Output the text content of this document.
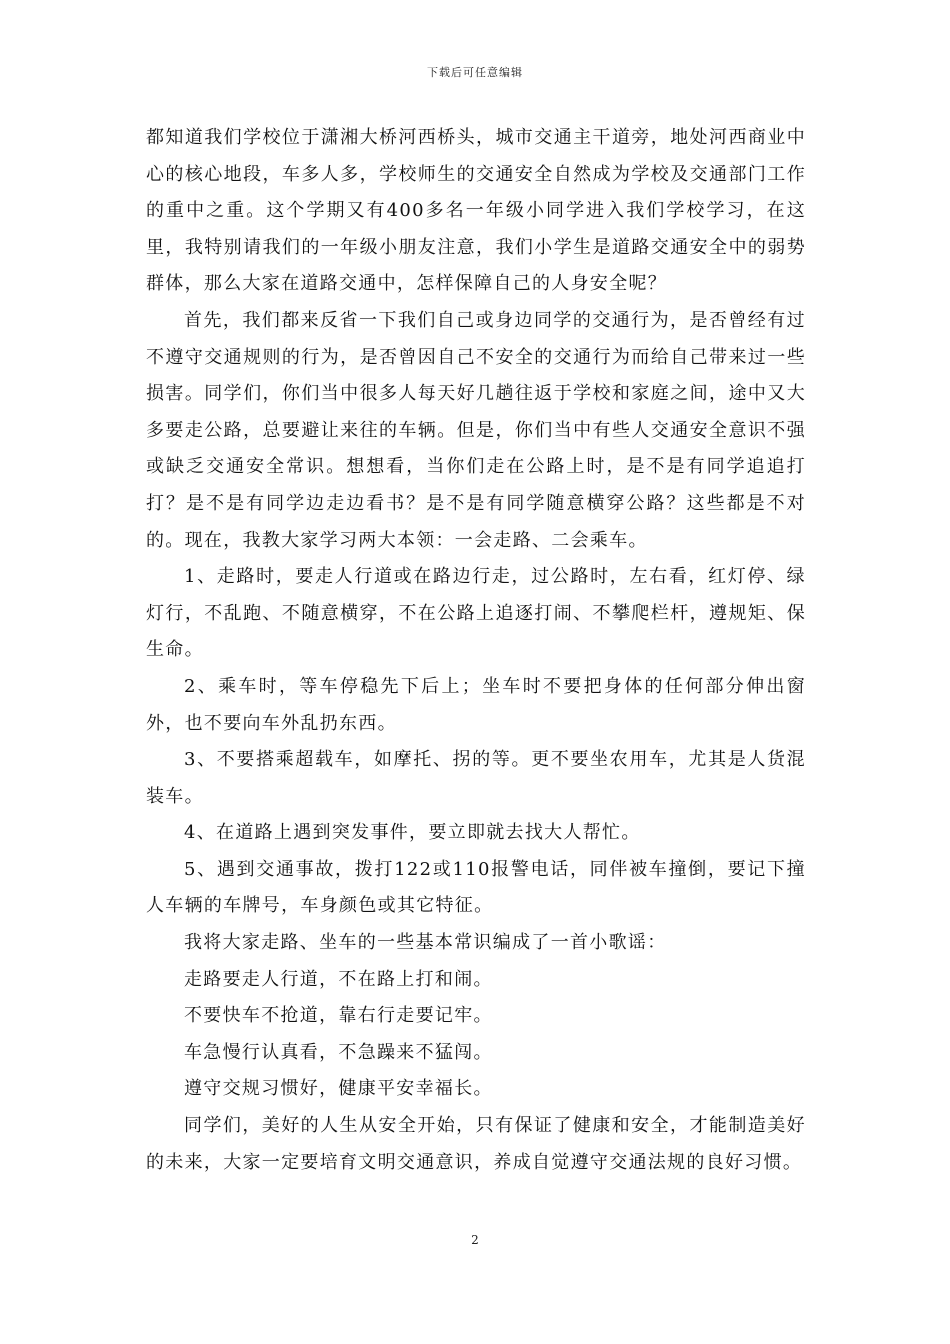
下载后可任意编辑

都知道我们学校位于潇湘大桥河西桥头，城市交通主干道旁，地处河西商业中心的核心地段，车多人多，学校师生的交通安全自然成为学校及交通部门工作的重中之重。这个学期又有400多名一年级小同学进入我们学校学习，在这里，我特别请我们的一年级小朋友注意，我们小学生是道路交通安全中的弱势群体，那么大家在道路交通中，怎样保障自己的人身安全呢？

首先，我们都来反省一下我们自己或身边同学的交通行为，是否曾经有过不遵守交通规则的行为，是否曾因自己不安全的交通行为而给自己带来过一些损害。同学们，你们当中很多人每天好几趟往返于学校和家庭之间，途中又大多要走公路，总要避让来往的车辆。但是，你们当中有些人交通安全意识不强或缺乏交通安全常识。想想看，当你们走在公路上时，是不是有同学追追打打？是不是有同学边走边看书？是不是有同学随意横穿公路？这些都是不对的。现在，我教大家学习两大本领：一会走路、二会乘车。

1、走路时，要走人行道或在路边行走，过公路时，左右看，红灯停、绿灯行，不乱跑、不随意横穿，不在公路上追逐打闹、不攀爬栏杆，遵规矩、保生命。

2、乘车时，等车停稳先下后上；坐车时不要把身体的任何部分伸出窗外，也不要向车外乱扔东西。

3、不要搭乘超载车，如摩托、拐的等。更不要坐农用车，尤其是人货混装车。

4、在道路上遇到突发事件，要立即就去找大人帮忙。

5、遇到交通事故，拨打122或110报警电话，同伴被车撞倒，要记下撞人车辆的车牌号，车身颜色或其它特征。

我将大家走路、坐车的一些基本常识编成了一首小歌谣：

走路要走人行道，不在路上打和闹。

不要快车不抢道，靠右行走要记牢。

车急慢行认真看，不急躁来不猛闯。

遵守交规习惯好，健康平安幸福长。

同学们，美好的人生从安全开始，只有保证了健康和安全，才能制造美好的未来，大家一定要培育文明交通意识，养成自觉遵守交通法规的良好习惯。

2
